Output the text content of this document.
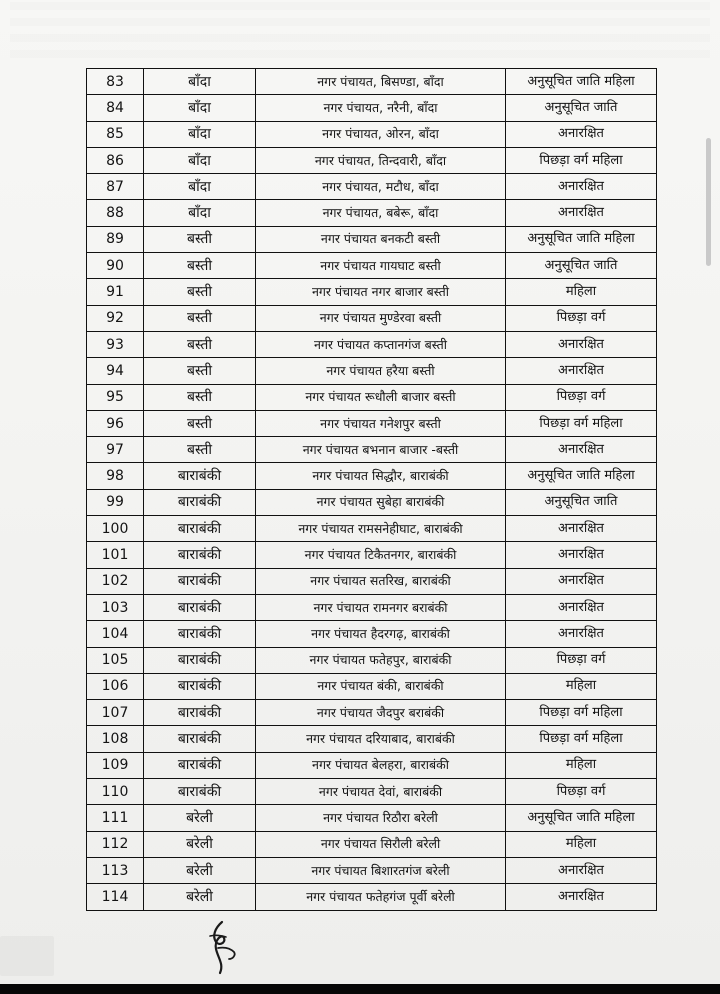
83	बाँदा	नगर पंचायत, बिसण्डा, बाँदा	अनुसूचित जाति महिला
84	बाँदा	नगर पंचायत, नरैनी, बाँदा	अनुसूचित जाति
85	बाँदा	नगर पंचायत, ओरन, बाँदा	अनारक्षित
86	बाँदा	नगर पंचायत, तिन्दवारी, बाँदा	पिछड़ा वर्ग महिला
87	बाँदा	नगर पंचायत, मटौध, बाँदा	अनारक्षित
88	बाँदा	नगर पंचायत, बबेरू, बाँदा	अनारक्षित
89	बस्ती	नगर पंचायत बनकटी बस्ती	अनुसूचित जाति महिला
90	बस्ती	नगर पंचायत गायघाट बस्ती	अनुसूचित जाति
91	बस्ती	नगर पंचायत नगर बाजार बस्ती	महिला
92	बस्ती	नगर पंचायत मुण्डेरवा बस्ती	पिछड़ा वर्ग
93	बस्ती	नगर पंचायत कप्तानगंज बस्ती	अनारक्षित
94	बस्ती	नगर पंचायत हरैया बस्ती	अनारक्षित
95	बस्ती	नगर पंचायत रूधौली बाजार बस्ती	पिछड़ा वर्ग
96	बस्ती	नगर पंचायत गनेशपुर बस्ती	पिछड़ा वर्ग महिला
97	बस्ती	नगर पंचायत बभनान बाजार -बस्ती	अनारक्षित
98	बाराबंकी	नगर पंचायत सिद्धौर, बाराबंकी	अनुसूचित जाति महिला
99	बाराबंकी	नगर पंचायत सुबेहा बाराबंकी	अनुसूचित जाति
100	बाराबंकी	नगर पंचायत रामसनेहीघाट, बाराबंकी	अनारक्षित
101	बाराबंकी	नगर पंचायत टिकैतनगर, बाराबंकी	अनारक्षित
102	बाराबंकी	नगर पंचायत सतरिख, बाराबंकी	अनारक्षित
103	बाराबंकी	नगर पंचायत रामनगर बराबंकी	अनारक्षित
104	बाराबंकी	नगर पंचायत हैदरगढ़, बाराबंकी	अनारक्षित
105	बाराबंकी	नगर पंचायत फतेहपुर, बाराबंकी	पिछड़ा वर्ग
106	बाराबंकी	नगर पंचायत बंकी, बाराबंकी	महिला
107	बाराबंकी	नगर पंचायत जैदपुर बराबंकी	पिछड़ा वर्ग महिला
108	बाराबंकी	नगर पंचायत दरियाबाद, बाराबंकी	पिछड़ा वर्ग महिला
109	बाराबंकी	नगर पंचायत बेलहरा, बाराबंकी	महिला
110	बाराबंकी	नगर पंचायत देवां, बाराबंकी	पिछड़ा वर्ग
111	बरेली	नगर पंचायत रिठौरा बरेली	अनुसूचित जाति महिला
112	बरेली	नगर पंचायत सिरौली बरेली	महिला
113	बरेली	नगर पंचायत बिशारतगंज बरेली	अनारक्षित
114	बरेली	नगर पंचायत फतेहगंज पूर्वी बरेली	अनारक्षित
